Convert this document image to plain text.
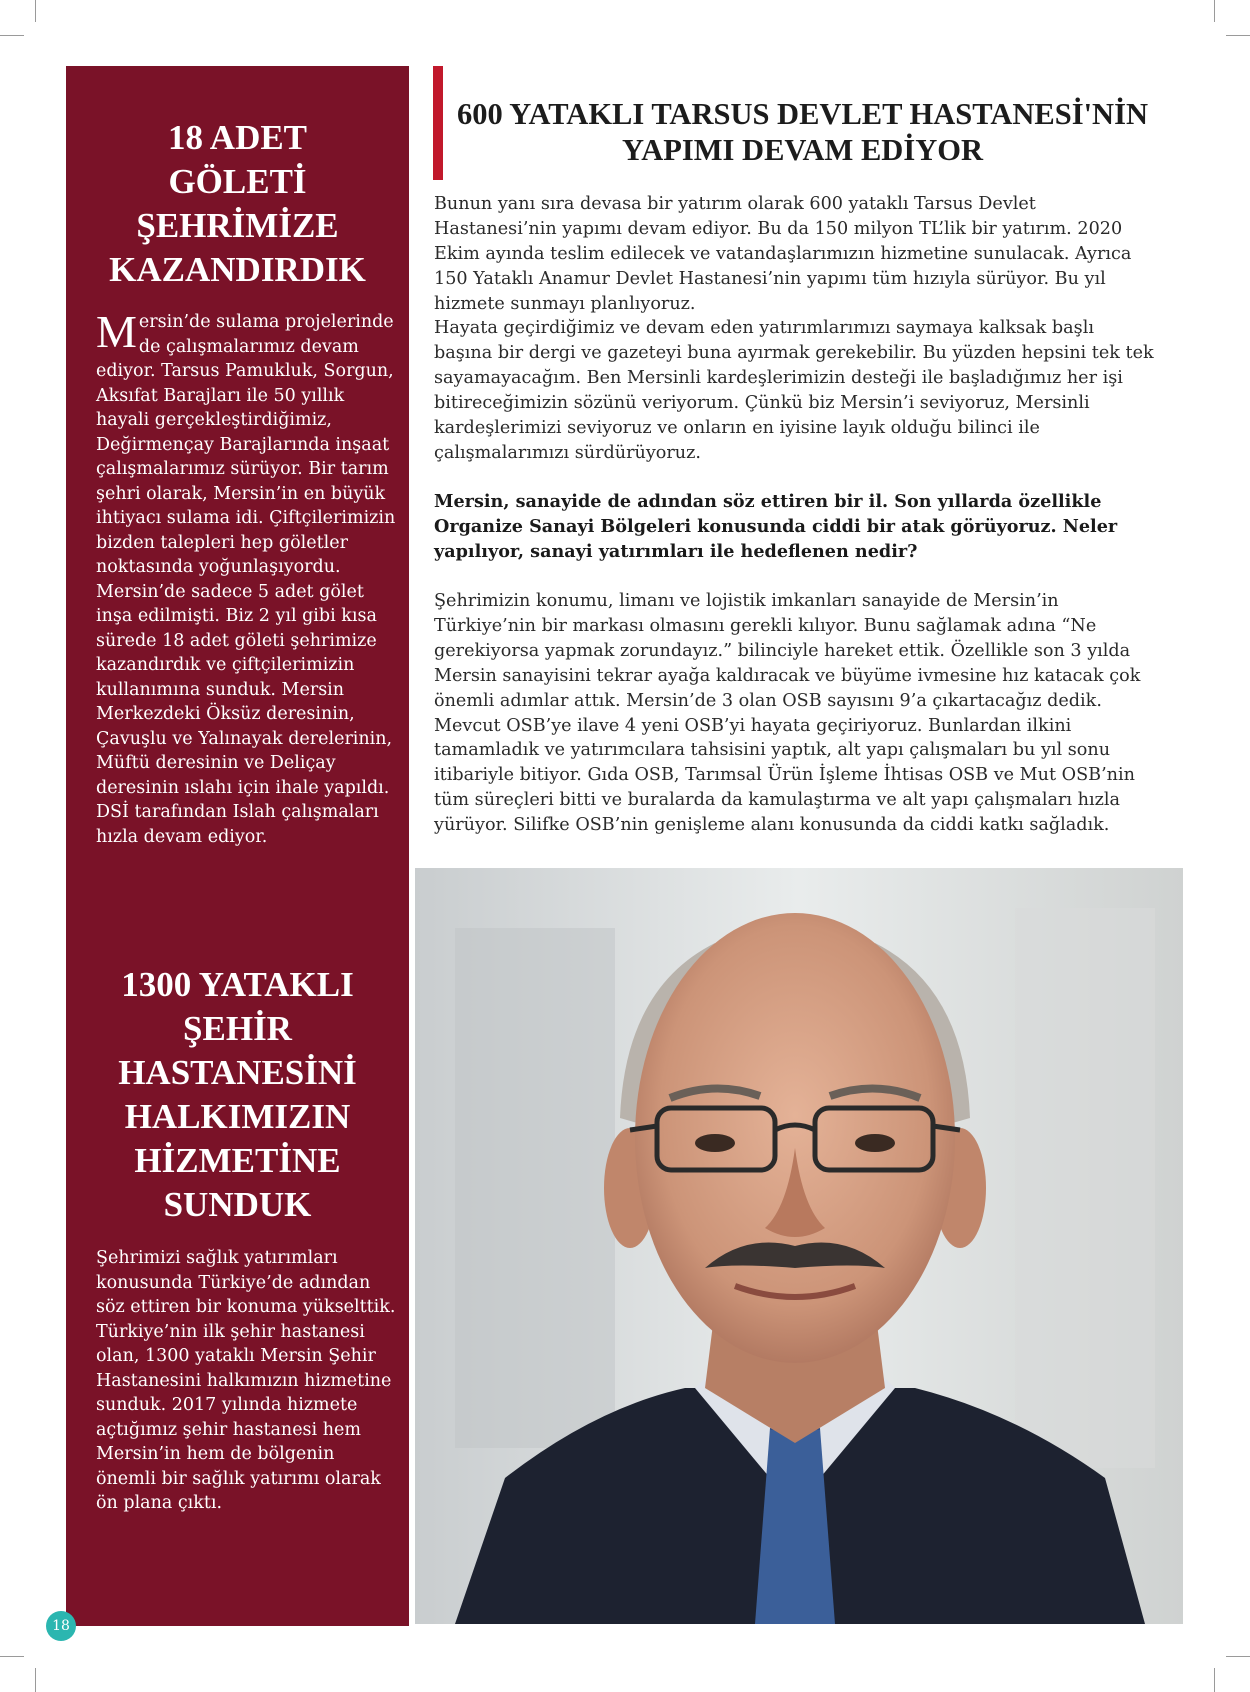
18 ADET
GÖLETİ
ŞEHRİMİZE
KAZANDIRDIK

Mersin’de sulama projelerinde de çalışmalarımız devam ediyor. Tarsus Pamukluk, Sorgun, Aksıfat Barajları ile 50 yıllık hayali gerçekleştirdiğimiz, Değirmençay Barajlarında inşaat çalışmalarımız sürüyor. Bir tarım şehri olarak, Mersin’in en büyük ihtiyacı sulama idi. Çiftçilerimizin bizden talepleri hep göletler noktasında yoğunlaşıyordu. Mersin’de sadece 5 adet gölet inşa edilmişti. Biz 2 yıl gibi kısa sürede 18 adet göleti şehrimize kazandırdık ve çiftçilerimizin kullanımına sunduk. Mersin Merkezdeki Öksüz deresinin, Çavuşlu ve Yalınayak derelerinin, Müftü deresinin ve Deliçay deresinin ıslahı için ihale yapıldı. DSİ tarafından Islah çalışmaları hızla devam ediyor.

1300 YATAKLI
ŞEHİR
HASTANESİNİ
HALKIMIZIN
HİZMETİNE
SUNDUK

Şehrimizi sağlık yatırımları konusunda Türkiye’de adından söz ettiren bir konuma yükselttik. Türkiye’nin ilk şehir hastanesi olan, 1300 yataklı Mersin Şehir Hastanesini halkımızın hizmetine sunduk. 2017 yılında hizmete açtığımız şehir hastanesi hem Mersin’in hem de bölgenin önemli bir sağlık yatırımı olarak ön plana çıktı.

18
600 YATAKLI TARSUS DEVLET HASTANESİ'NİN
YAPIMI DEVAM EDİYOR

Bunun yanı sıra devasa bir yatırım olarak 600 yataklı Tarsus Devlet Hastanesi’nin yapımı devam ediyor. Bu da 150 milyon TL’lik bir yatırım. 2020 Ekim ayında teslim edilecek ve vatandaşlarımızın hizmetine sunulacak. Ayrıca 150 Yataklı Anamur Devlet Hastanesi’nin yapımı tüm hızıyla sürüyor. Bu yıl hizmete sunmayı planlıyoruz.

Hayata geçirdiğimiz ve devam eden yatırımlarımızı saymaya kalksak başlı başına bir dergi ve gazeteyi buna ayırmak gerekebilir. Bu yüzden hepsini tek tek sayamayacağım. Ben Mersinli kardeşlerimizin desteği ile başladığımız her işi bitireceğimizin sözünü veriyorum. Çünkü biz Mersin’i seviyoruz, Mersinli kardeşlerimizi seviyoruz ve onların en iyisine layık olduğu bilinci ile çalışmalarımızı sürdürüyoruz.

Mersin, sanayide de adından söz ettiren bir il. Son yıllarda özellikle Organize Sanayi Bölgeleri konusunda ciddi bir atak görüyoruz. Neler yapılıyor, sanayi yatırımları ile hedeflenen nedir?

Şehrimizin konumu, limanı ve lojistik imkanları sanayide de Mersin’in Türkiye’nin bir markası olmasını gerekli kılıyor. Bunu sağlamak adına “Ne gerekiyorsa yapmak zorundayız.” bilinciyle hareket ettik. Özellikle son 3 yılda Mersin sanayisini tekrar ayağa kaldıracak ve büyüme ivmesine hız katacak çok önemli adımlar attık. Mersin’de 3 olan OSB sayısını 9’a çıkartacağız dedik. Mevcut OSB’ye ilave 4 yeni OSB’yi hayata geçiriyoruz. Bunlardan ilkini tamamladık ve yatırımcılara tahsisini yaptık, alt yapı çalışmaları bu yıl sonu itibariyle bitiyor. Gıda OSB, Tarımsal Ürün İşleme İhtisas OSB ve Mut OSB’nin tüm süreçleri bitti ve buralarda da kamulaştırma ve alt yapı çalışmaları hızla yürüyor. Silifke OSB’nin genişleme alanı konusunda da ciddi katkı sağladık.
